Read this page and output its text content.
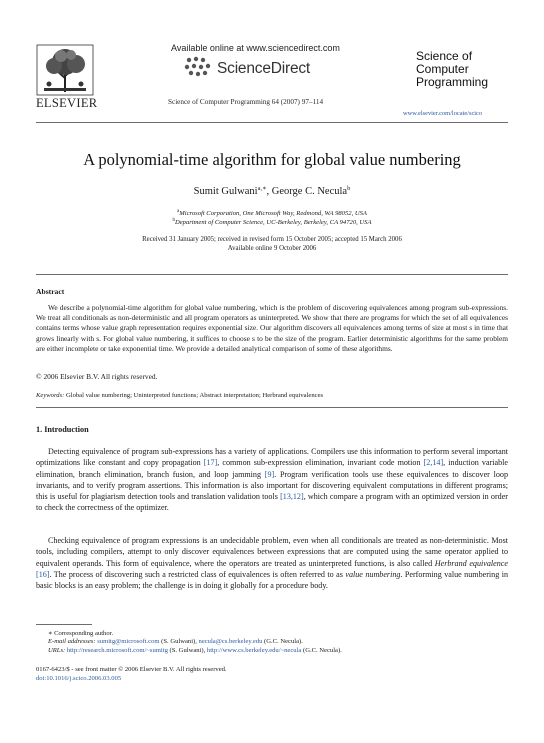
ELSEVIER
Available online at www.sciencedirect.com
ScienceDirect
Science of Computer Programming 64 (2007) 97–114
Science of
Computer
Programming
www.elsevier.com/locate/scico
A polynomial-time algorithm for global value numbering
Sumit Gulwani$^{a,∗}$, George C. Necula$^b$
$^a$Microsoft Corporation, One Microsoft Way, Redmond, WA 98052, USA
$^b$Department of Computer Science, UC-Berkeley, Berkeley, CA 94720, USA
Received 31 January 2005; received in revised form 15 October 2005; accepted 15 March 2006
Available online 9 October 2006
Abstract

We describe a polynomial-time algorithm for global value numbering, which is the problem of discovering equivalences among program sub-expressions. We treat all conditionals as non-deterministic and all program operators as uninterpreted. We show that there are programs for which the set of all equivalences contains terms whose value graph representation requires exponential size. Our algorithm discovers all equivalences among terms of size at most s in time that grows linearly with s. For global value numbering, it suffices to choose s to be the size of the program. Earlier deterministic algorithms for the same problem are either incomplete or take exponential time. We provide a detailed analytical comparison of some of these algorithms.

© 2006 Elsevier B.V. All rights reserved.
Keywords: Global value numbering; Uninterpreted functions; Abstract interpretation; Herbrand equivalences
1. Introduction

Detecting equivalence of program sub-expressions has a variety of applications. Compilers use this information to perform several important optimizations like constant and copy propagation [17], common sub-expression elimination, invariant code motion [2,14], induction variable elimination, branch elimination, branch fusion, and loop jamming [9]. Program verification tools use these equivalences to discover loop invariants, and to verify program assertions. This information is also important for discovering equivalent computations in different programs; this is useful for plagiarism detection tools and translation validation tools [13,12], which compare a program with an optimized version in order to check the correctness of the optimizer.

Checking equivalence of program expressions is an undecidable problem, even when all conditionals are treated as non-deterministic. Most tools, including compilers, attempt to only discover equivalences between expressions that are computed using the same operator applied to equivalent operands. This form of equivalence, where the operators are treated as uninterpreted functions, is also called Herbrand equivalence [16]. The process of discovering such a restricted class of equivalences is often referred to as value numbering. Performing value numbering in basic blocks is an easy problem; the challenge is in doing it globally for a procedure body.

∗ Corresponding author.
E-mail addresses: sumitg@microsoft.com (S. Gulwani), necula@cs.berkeley.edu (G.C. Necula).
URLs: http://research.microsoft.com/~sumitg (S. Gulwani), http://www.cs.berkeley.edu/~necula (G.C. Necula).
0167-6423/$ - see front matter © 2006 Elsevier B.V. All rights reserved.
doi:10.1016/j.scico.2006.03.005
